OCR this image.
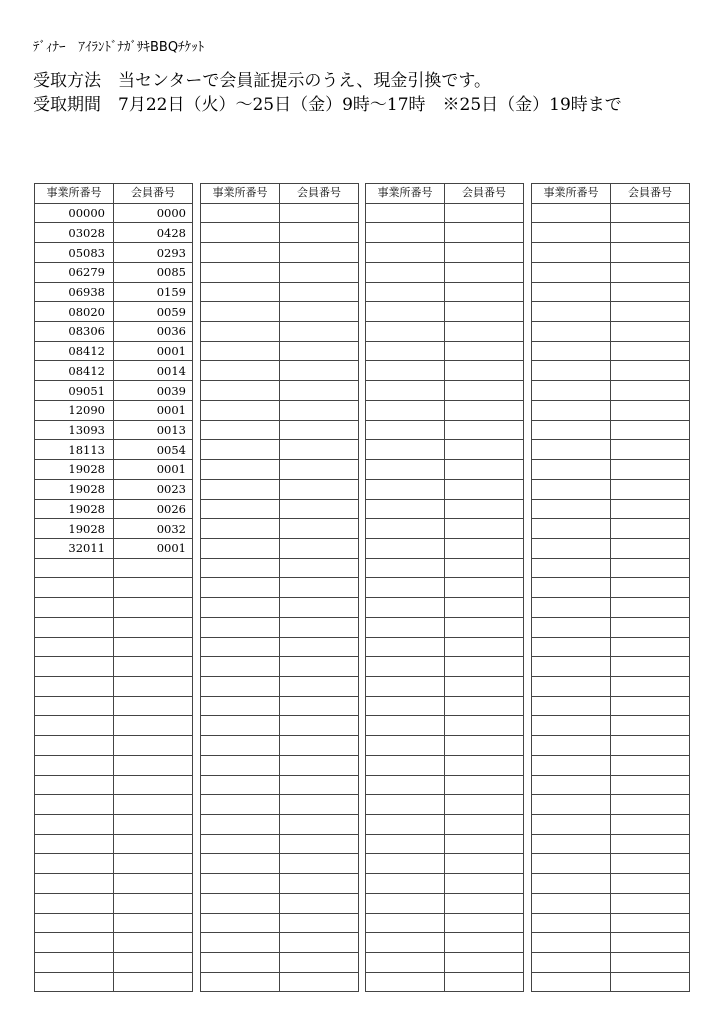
ﾃﾞｨﾅｰ　ｱｲﾗﾝﾄﾞﾅｶﾞｻｷBBQﾁｹｯﾄ
受取方法　当センターで会員証提示のうえ、現金引換です。
受取期間　7月22日（火）～25日（金）9時～17時　※25日（金）19時まで
事業所番号	会員番号
00000	0000
03028	0428
05083	0293
06279	0085
06938	0159
08020	0059
08306	0036
08412	0001
08412	0014
09051	0039
12090	0001
13093	0013
18113	0054
19028	0001
19028	0023
19028	0026
19028	0032
32011	0001

事業所番号	会員番号

		事業所番号	会員番号

		事業所番号	会員番号
